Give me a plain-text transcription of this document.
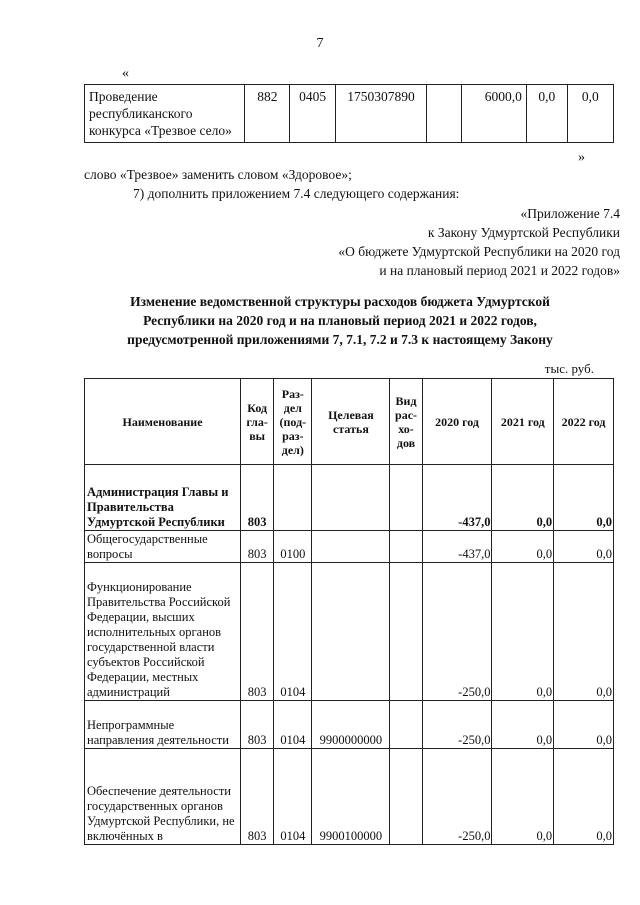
7
«
Проведение республиканского конкурса «Трезвое село»	882	0405	1750307890		6000,0	0,0	0,0
»
слово «Трезвое» заменить словом «Здоровое»;
7) дополнить приложением 7.4 следующего содержания:
«Приложение 7.4
к Закону Удмуртской Республики
«О бюджете Удмуртской Республики на 2020 год
и на плановый период 2021 и 2022 годов»
Изменение ведомственной структуры расходов бюджета Удмуртской
Республики на 2020 год и на плановый период 2021 и 2022 годов,
предусмотренной приложениями 7, 7.1, 7.2 и 7.3 к настоящему Закону
тыс. руб.
Наименование	Код гла- вы	Раз- дел (под- раз- дел)	Целевая статья	Вид рас- хо- дов	2020 год	2021 год	2022 год
Администрация Главы и Правительства Удмуртской Республики	803				-437,0	0,0	0,0
Общегосударственные вопросы	803	0100			-437,0	0,0	0,0
Функционирование Правительства Российской Федерации, высших исполнительных органов государственной власти субъектов Российской Федерации, местных администраций	803	0104			-250,0	0,0	0,0
Непрограммные направления деятельности	803	0104	9900000000		-250,0	0,0	0,0
Обеспечение деятельности государственных органов Удмуртской Республики, не включённых в	803	0104	9900100000		-250,0	0,0	0,0
